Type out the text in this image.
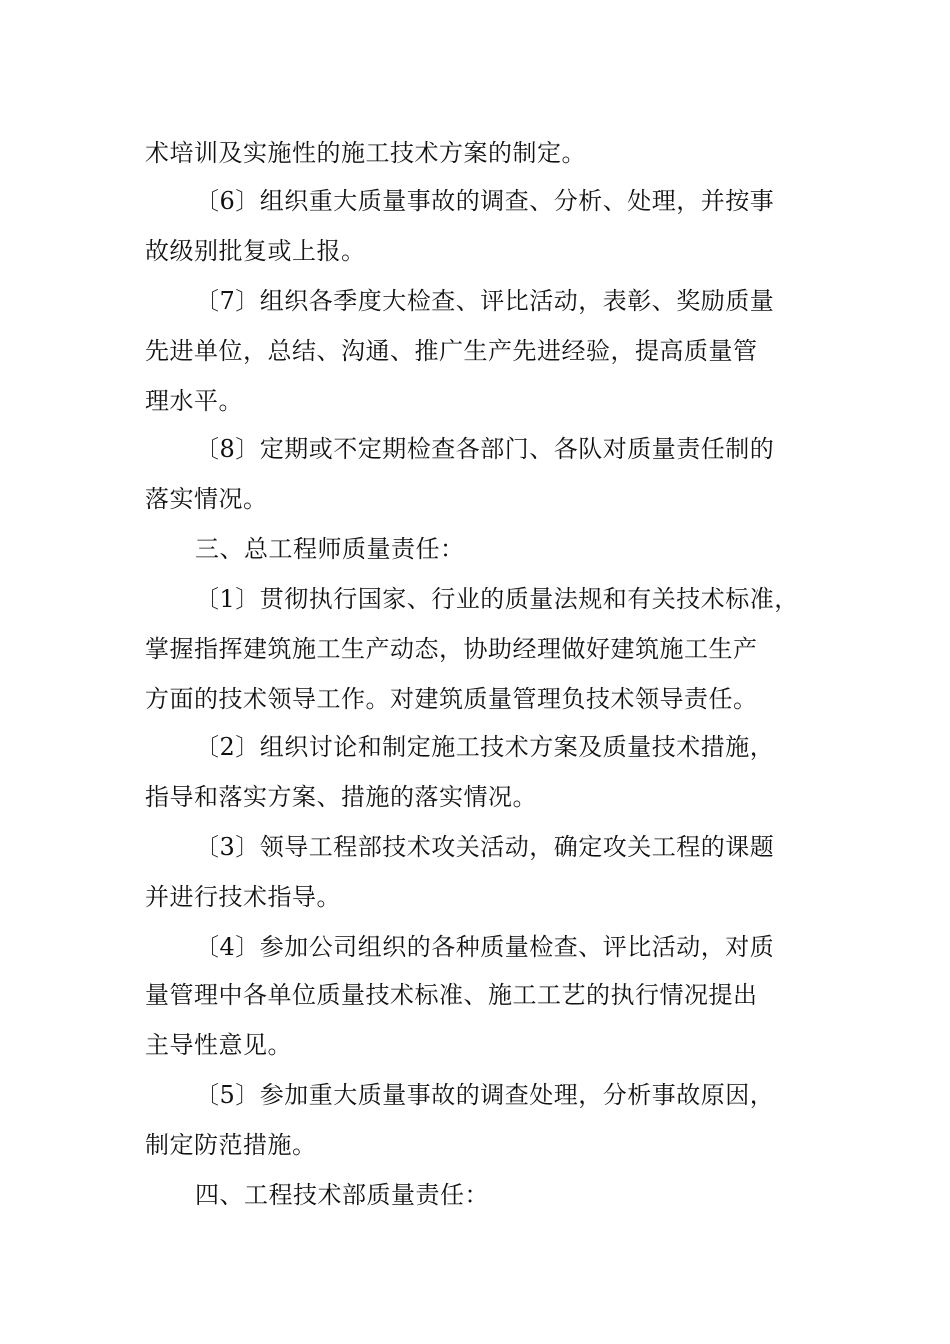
术培训及实施性的施工技术方案的制定。
〔6〕组织重大质量事故的调查、分析、处理，并按事
故级别批复或上报。
〔7〕组织各季度大检查、评比活动，表彰、奖励质量
先进单位，总结、沟通、推广生产先进经验，提高质量管
理水平。
〔8〕定期或不定期检查各部门、各队对质量责任制的
落实情况。
三、总工程师质量责任：
〔1〕贯彻执行国家、行业的质量法规和有关技术标准，
掌握指挥建筑施工生产动态，协助经理做好建筑施工生产
方面的技术领导工作。对建筑质量管理负技术领导责任。
〔2〕组织讨论和制定施工技术方案及质量技术措施，
指导和落实方案、措施的落实情况。
〔3〕领导工程部技术攻关活动，确定攻关工程的课题
并进行技术指导。
〔4〕参加公司组织的各种质量检查、评比活动，对质
量管理中各单位质量技术标准、施工工艺的执行情况提出
主导性意见。
〔5〕参加重大质量事故的调查处理，分析事故原因，
制定防范措施。
四、工程技术部质量责任：
